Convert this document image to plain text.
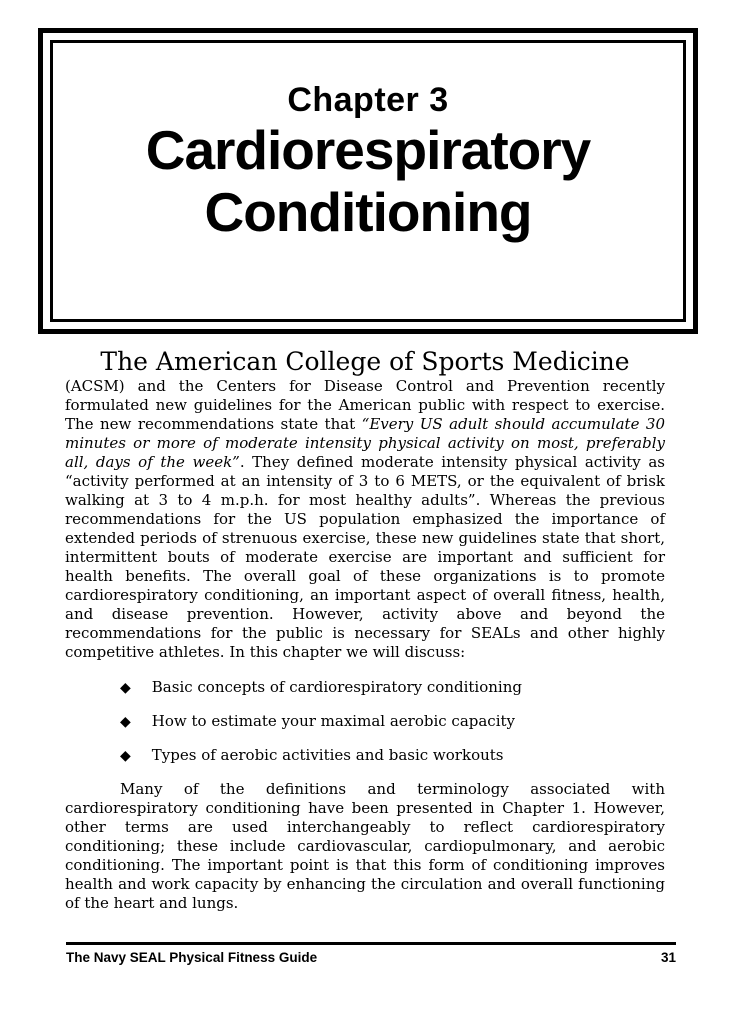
Chapter 3
Cardiorespiratory
Conditioning
The American College of Sports Medicine

(ACSM) and the Centers for Disease Control and Prevention recently formulated new guidelines for the American public with respect to exercise. The new recommendations state that “Every US adult should accumulate 30 minutes or more of moderate intensity physical activity on most, preferably all, days of the week”. They defined moderate intensity physical activity as “activity performed at an intensity of 3 to 6 METS, or the equivalent of brisk walking at 3 to 4 m.p.h. for most healthy adults”. Whereas the previous recommendations for the US population emphasized the importance of extended periods of strenuous exercise, these new guidelines state that short, intermittent bouts of moderate exercise are important and sufficient for health benefits. The overall goal of these organizations is to promote cardiorespiratory conditioning, an important aspect of overall fitness, health, and disease prevention. However, activity above and beyond the recommendations for the public is necessary for SEALs and other highly competitive athletes. In this chapter we will discuss:

◆ Basic concepts of cardiorespiratory conditioning
◆ How to estimate your maximal aerobic capacity
◆ Types of aerobic activities and basic workouts

Many of the definitions and terminology associated with cardiorespiratory conditioning have been presented in Chapter 1. However, other terms are used interchangeably to reflect cardiorespiratory conditioning; these include cardiovascular, cardiopulmonary, and aerobic conditioning. The important point is that this form of conditioning improves health and work capacity by enhancing the circulation and overall functioning of the heart and lungs.

The Navy SEAL Physical Fitness Guide	31
